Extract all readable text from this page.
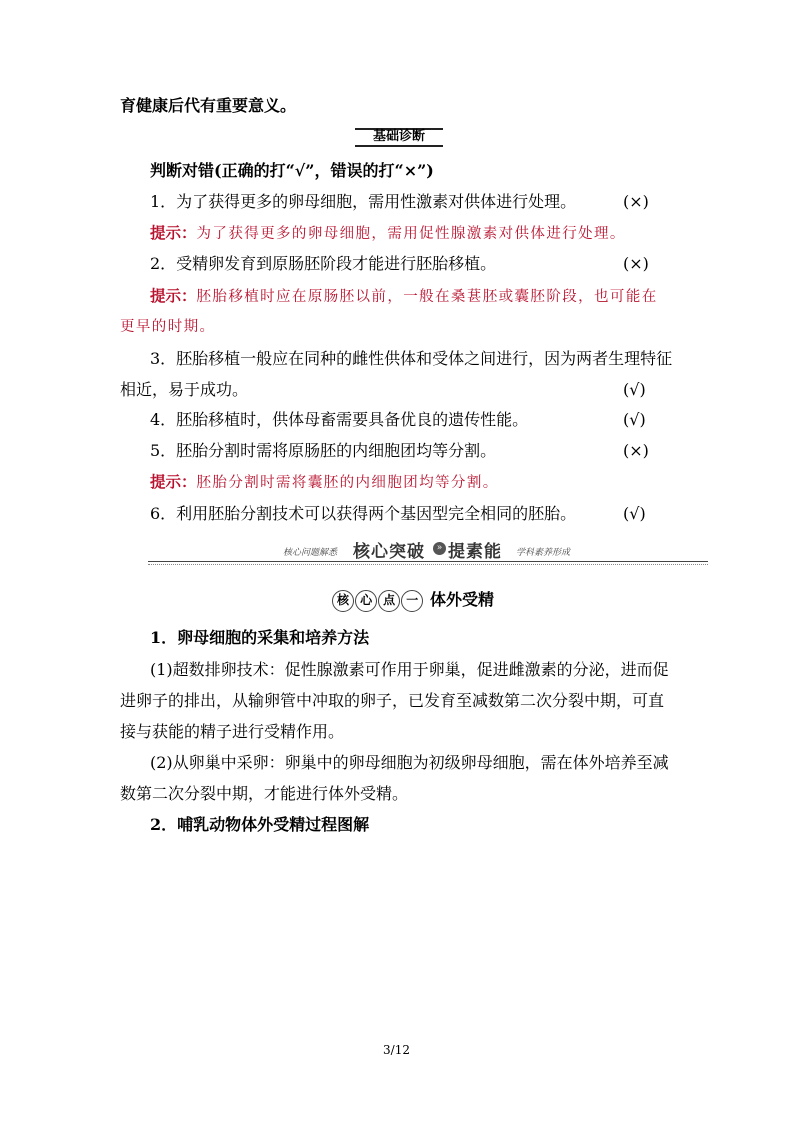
育健康后代有重要意义。
基础诊断
判断对错(正确的打“√”，错误的打“×”)
1．为了获得更多的卵母细胞，需用性激素对供体进行处理。	(×)
提示：为了获得更多的卵母细胞，需用促性腺激素对供体进行处理。
2．受精卵发育到原肠胚阶段才能进行胚胎移植。	(×)
提示：胚胎移植时应在原肠胚以前，一般在桑葚胚或囊胚阶段，也可能在
更早的时期。
3．胚胎移植一般应在同种的雌性供体和受体之间进行，因为两者生理特征
相近，易于成功。	(√)
4．胚胎移植时，供体母畜需要具备优良的遗传性能。	(√)
5．胚胎分割时需将原肠胚的内细胞团均等分割。	(×)
提示：胚胎分割时需将囊胚的内细胞团均等分割。
6．利用胚胎分割技术可以获得两个基因型完全相同的胚胎。	(√)
核心问题解悉 核心突破	» 提素能 学科素养形成
核 心 点 一 体外受精
1．卵母细胞的采集和培养方法
(1)超数排卵技术：促性腺激素可作用于卵巢，促进雌激素的分泌，进而促
进卵子的排出，从输卵管中冲取的卵子，已发育至减数第二次分裂中期，可直
接与获能的精子进行受精作用。
(2)从卵巢中采卵：卵巢中的卵母细胞为初级卵母细胞，需在体外培养至减
数第二次分裂中期，才能进行体外受精。
2．哺乳动物体外受精过程图解
3/12
